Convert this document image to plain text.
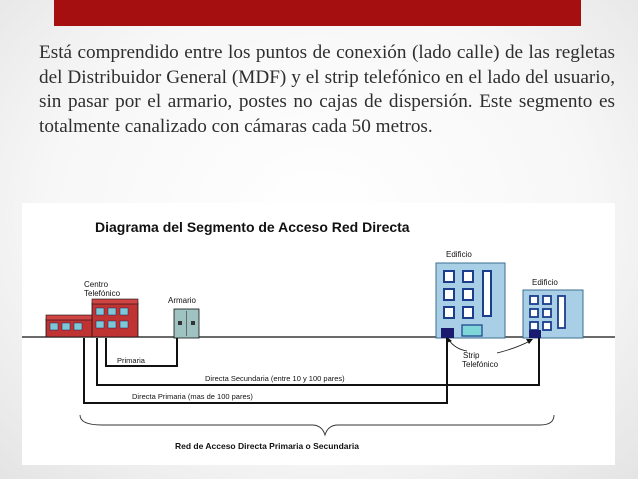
Está comprendido entre los puntos de conexión (lado calle) de las regletas del Distribuidor General (MDF) y el strip telefónico en el lado del usuario, sin pasar por el armario, postes no cajas de dispersión. Este segmento es totalmente canalizado con cámaras cada 50 metros.

Diagrama del Segmento de Acceso Red Directa
Centro
Telefónico
Armario
Edificio
Edificio
Strip
Telefónico
Primaria
Directa Secundaria (entre 10 y 100 pares)
Directa Primaria (mas de 100 pares)
Red de Acceso Directa Primaria o Secundaria
